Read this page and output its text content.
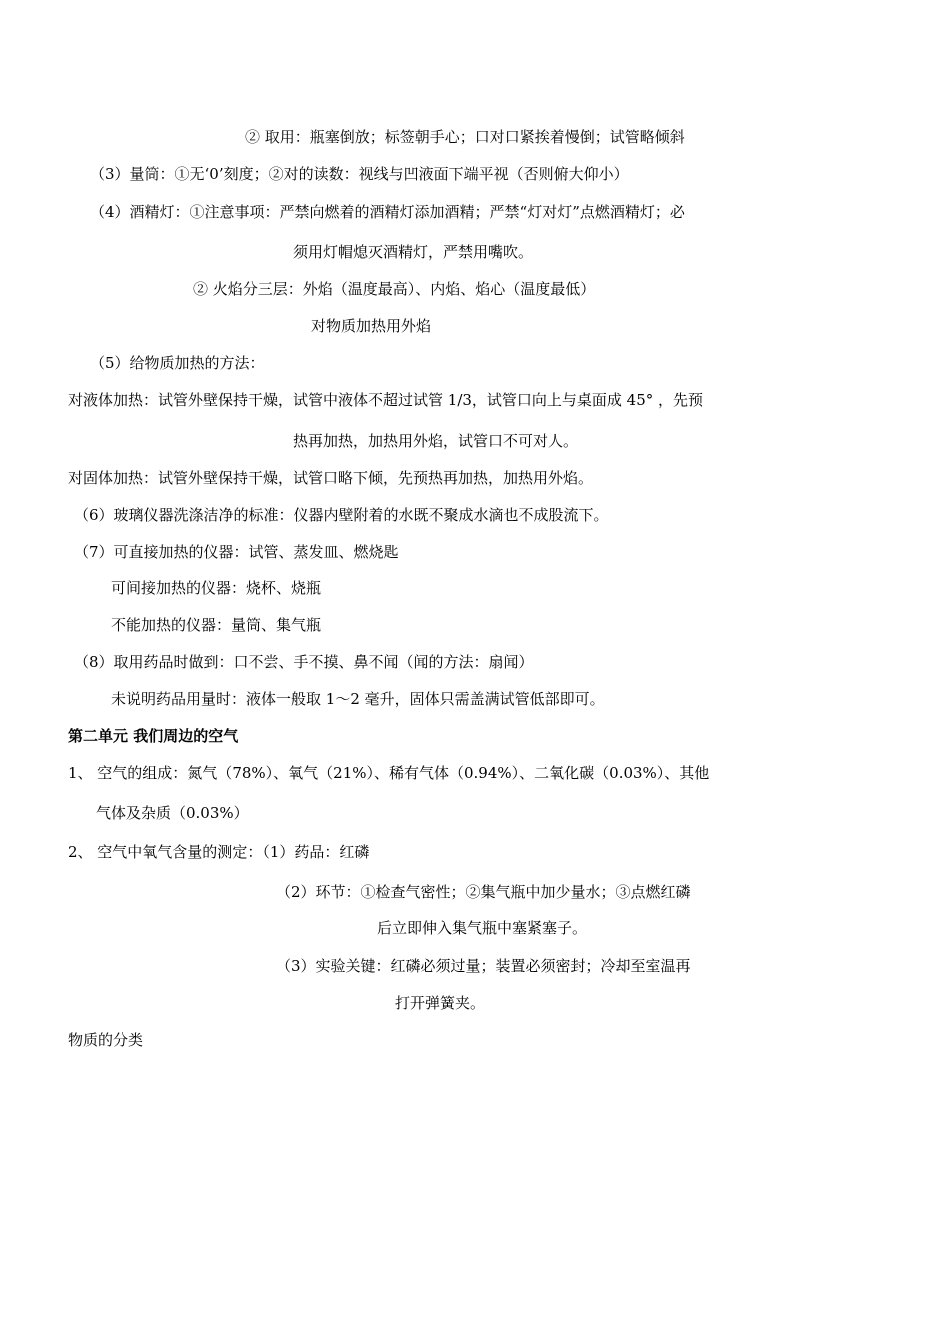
② 取用：瓶塞倒放；标签朝手心；口对口紧挨着慢倒；试管略倾斜
（3）量筒：①无‘0’刻度；②对的读数：视线与凹液面下端平视（否则俯大仰小）
（4）酒精灯：①注意事项：严禁向燃着的酒精灯添加酒精；严禁“灯对灯”点燃酒精灯；必
须用灯帽熄灭酒精灯，严禁用嘴吹。
② 火焰分三层：外焰（温度最高）、内焰、焰心（温度最低）
对物质加热用外焰
（5）给物质加热的方法：
对液体加热：试管外壁保持干燥，试管中液体不超过试管 1/3，试管口向上与桌面成 45° ，先预
热再加热，加热用外焰，试管口不可对人。
对固体加热：试管外壁保持干燥，试管口略下倾，先预热再加热，加热用外焰。
（6）玻璃仪器洗涤洁净的标准：仪器内壁附着的水既不聚成水滴也不成股流下。
（7）可直接加热的仪器：试管、蒸发皿、燃烧匙
可间接加热的仪器：烧杯、烧瓶
不能加热的仪器：量筒、集气瓶
（8）取用药品时做到：口不尝、手不摸、鼻不闻（闻的方法：扇闻）
未说明药品用量时：液体一般取 1～2 毫升，固体只需盖满试管低部即可。
第二单元 我们周边的空气
1、 空气的组成：氮气（78%）、氧气（21%）、稀有气体（0.94%）、二氧化碳（0.03%）、其他
气体及杂质（0.03%）
2、 空气中氧气含量的测定：（1）药品：红磷
（2）环节：①检查气密性；②集气瓶中加少量水；③点燃红磷
后立即伸入集气瓶中塞紧塞子。
（3）实验关键：红磷必须过量；装置必须密封；冷却至室温再
打开弹簧夹。
物质的分类
